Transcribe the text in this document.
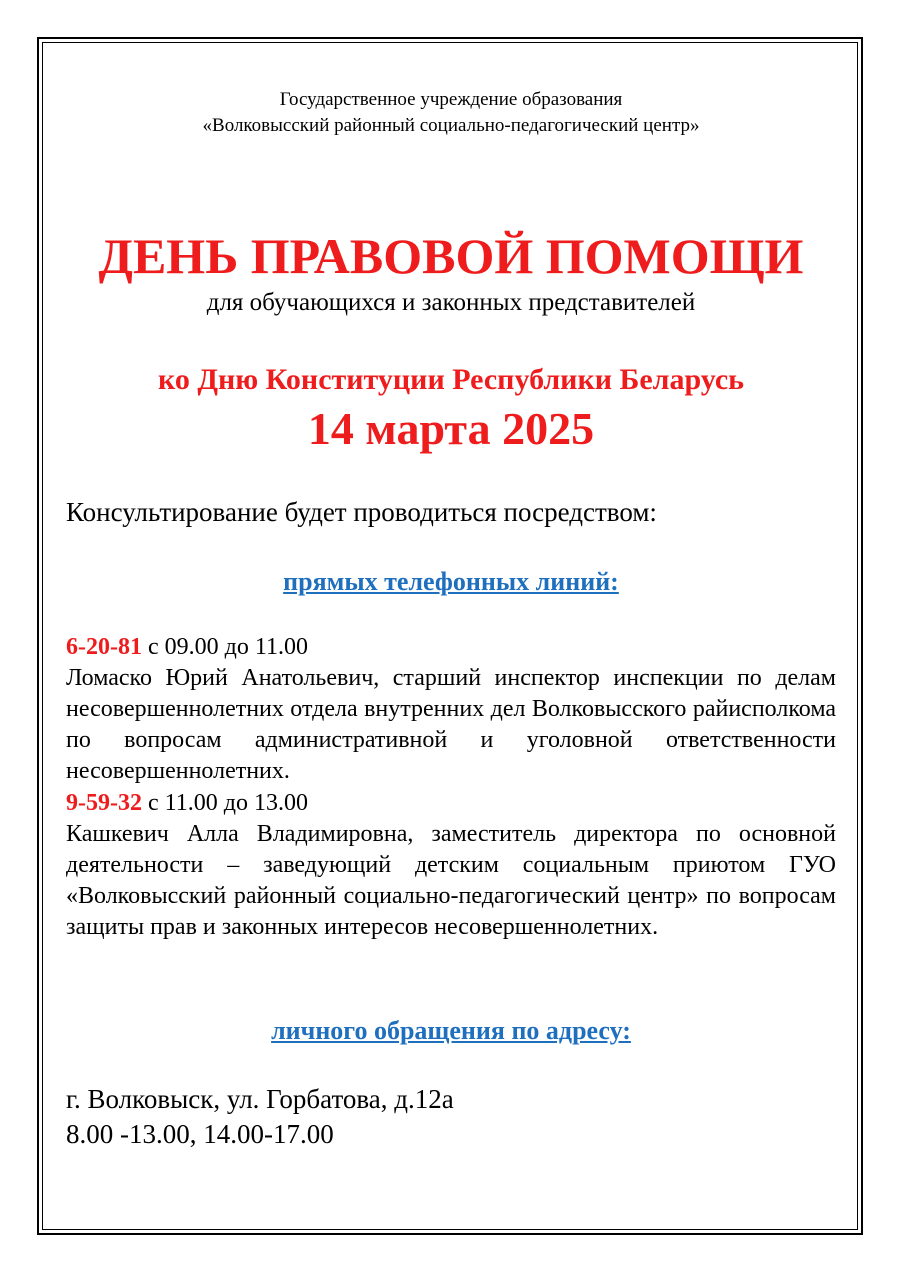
Государственное учреждение образования
«Волковысский районный социально-педагогический центр»
ДЕНЬ ПРАВОВОЙ ПОМОЩИ
для обучающихся и законных представителей
ко Дню Конституции Республики Беларусь
14 марта 2025
Консультирование будет проводиться посредством:
прямых телефонных линий:
6-20-81 с 09.00 до 11.00
Ломаско Юрий Анатольевич, старший инспектор инспекции по делам несовершеннолетних отдела внутренних дел Волковысского райисполкома по вопросам административной и уголовной ответственности несовершеннолетних.
9-59-32 с 11.00 до 13.00
Кашкевич Алла Владимировна, заместитель директора по основной деятельности – заведующий детским социальным приютом ГУО «Волковысский районный социально-педагогический центр» по вопросам защиты прав и законных интересов несовершеннолетних.
личного обращения по адресу:
г. Волковыск, ул. Горбатова, д.12а
8.00 -13.00, 14.00-17.00
